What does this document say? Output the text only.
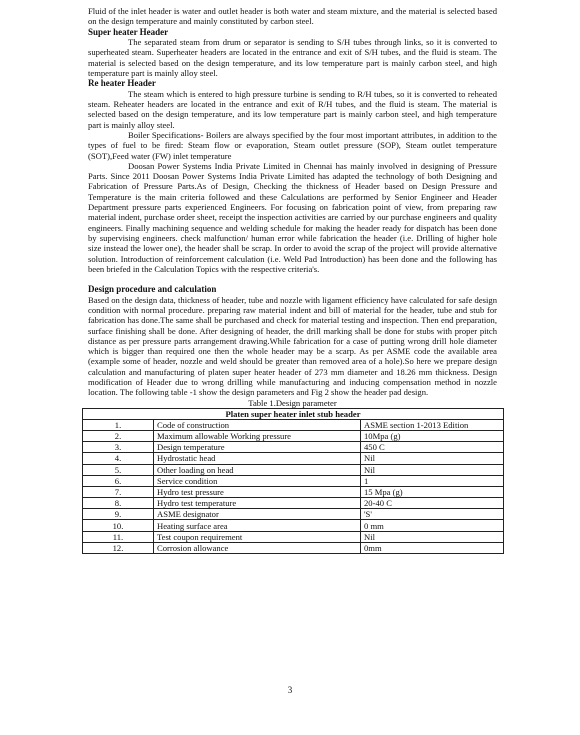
Fluid of the inlet header is water and outlet header is both water and steam mixture, and the material is selected based on the design temperature and mainly constituted by carbon steel.

Super heater Header

The separated steam from drum or separator is sending to S/H tubes through links, so it is converted to superheated steam. Superheater headers are located in the entrance and exit of S/H tubes, and the fluid is steam. The material is selected based on the design temperature, and its low temperature part is mainly carbon steel, and high temperature part is mainly alloy steel.

Re heater Header

The steam which is entered to high pressure turbine is sending to R/H tubes, so it is converted to reheated steam. Reheater headers are located in the entrance and exit of R/H tubes, and the fluid is steam. The material is selected based on the design temperature, and its low temperature part is mainly carbon steel, and high temperature part is mainly alloy steel.

Boiler Specifications- Boilers are always specified by the four most important attributes, in addition to the types of fuel to be fired: Steam flow or evaporation, Steam outlet pressure (SOP), Steam outlet temperature (SOT),Feed water (FW) inlet temperature

Doosan Power Systems India Private Limited in Chennai has mainly involved in designing of Pressure Parts. Since 2011 Doosan Power Systems India Private Limited has adapted the technology of both Designing and Fabrication of Pressure Parts.As of Design, Checking the thickness of Header based on Design Pressure and Temperature is the main criteria followed and these Calculations are performed by Senior Engineer and Header Department pressure parts experienced Engineers. For focusing on fabrication point of view, from preparing raw material indent, purchase order sheet, receipt the inspection activities are carried by our purchase engineers and quality engineers. Finally machining sequence and welding schedule for making the header ready for dispatch has been done by supervising engineers. check malfunction/ human error while fabrication the header (i.e. Drilling of higher hole size instead the lower one), the header shall be scrap. In order to avoid the scrap of the project will provide alternative solution. Introduction of reinforcement calculation (i.e. Weld Pad Introduction) has been done and the following has been briefed in the Calculation Topics with the respective criteria's.

Design procedure and calculation

Based on the design data, thickness of header, tube and nozzle with ligament efficiency have calculated for safe design condition with normal procedure. preparing raw material indent and bill of material for the header, tube and stub for fabrication has done.The same shall be purchased and check for material testing and inspection. Then end preparation, surface finishing shall be done. After designing of header, the drill marking shall be done for stubs with proper pitch distance as per pressure parts arrangement drawing.While fabrication for a case of putting wrong drill hole diameter which is bigger than required one then the whole header may be a scarp. As per ASME code the available area (example some of header, nozzle and weld should be greater than removed area of a hole).So here we prepare design calculation and manufacturing of platen super heater header of 273 mm diameter and 18.26 mm thickness. Design modification of Header due to wrong drilling while manufacturing and inducing compensation method in nozzle location. The following table -1 show the design parameters and Fig 2 show the header pad design.

Table 1.Design parameter

Platen super heater inlet stub header		
1.	Code of construction	ASME section 1-2013 Edition
2.	Maximum allowable Working pressure	10Mpa (g)
3.	Design temperature	450 C
4.	Hydrostatic head	Nil
5.	Other loading on head	Nil
6.	Service condition	1
7.	Hydro test pressure	15 Mpa (g)
8.	Hydro test temperature	20-40 C
9.	ASME designator	'S'
10.	Heating surface area	0 mm
11.	Test coupon requirement	Nil
12.	Corrosion allowance	0mm
3
